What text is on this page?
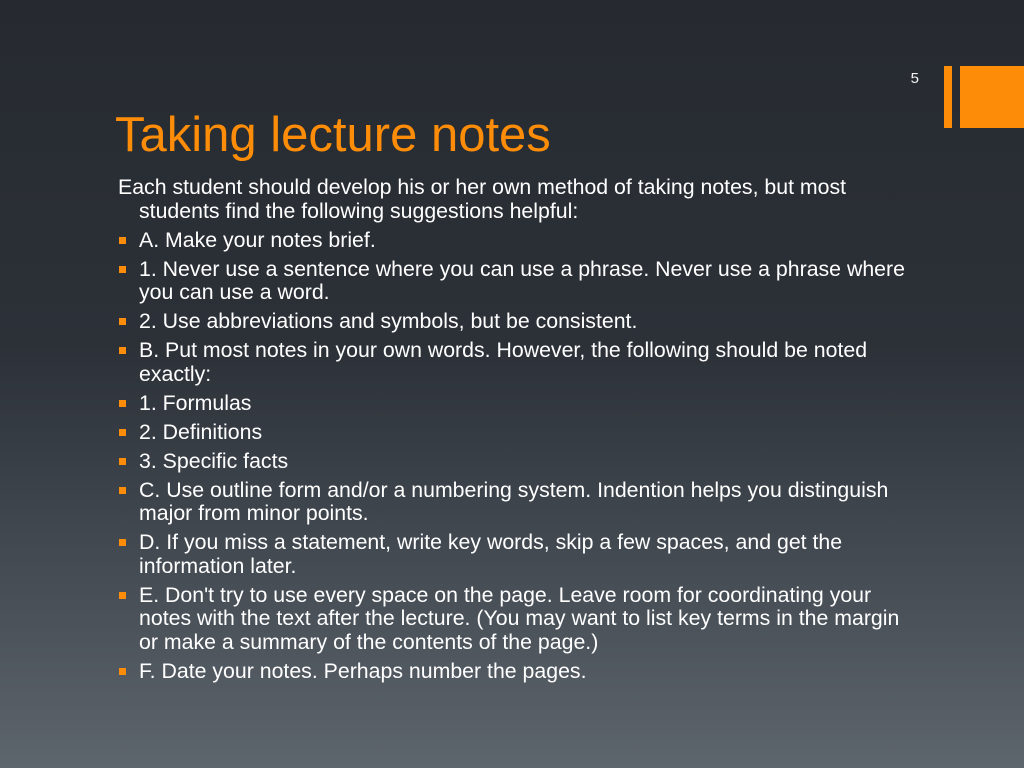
5
Taking lecture notes

Each student should develop his or her own method of taking notes, but most students find the following suggestions helpful:

A. Make your notes brief.
1. Never use a sentence where you can use a phrase. Never use a phrase where you can use a word.
2. Use abbreviations and symbols, but be consistent.
B. Put most notes in your own words. However, the following should be noted exactly:
1. Formulas
2. Definitions
3. Specific facts
C. Use outline form and/or a numbering system. Indention helps you distinguish major from minor points.
D. If you miss a statement, write key words, skip a few spaces, and get the information later.
E. Don't try to use every space on the page. Leave room for coordinating your notes with the text after the lecture. (You may want to list key terms in the margin or make a summary of the contents of the page.)
F. Date your notes. Perhaps number the pages.
